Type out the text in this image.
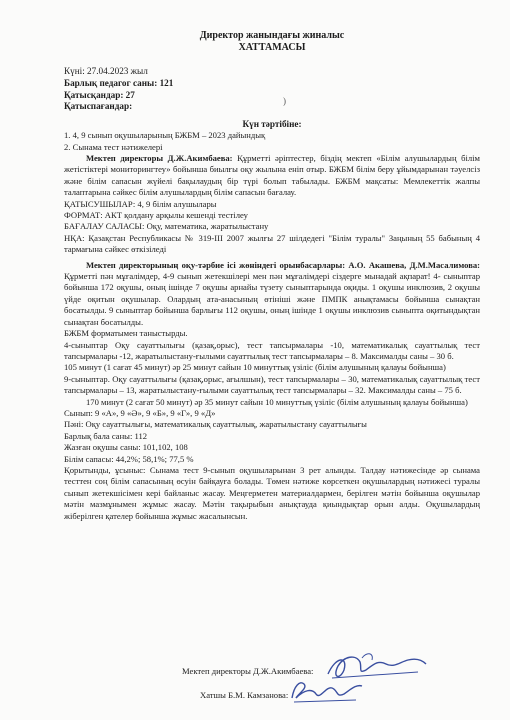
Директор жанындағы жиналыс
ХАТТАМАСЫ
Күні: 27.04.2023 жыл
Барлық педагог саны: 121
Қатысқандар: 27
Қатыспағандар:
)
Күн тәртібіне:
1. 4, 9 сынып оқушыларының БЖБМ – 2023 дайындық
2. Сынама тест нәтижелері

Мектеп директоры Д.Ж.Акимбаева: Құрметті әріптестер, біздің мектеп «Білім алушылардың білім жетістіктері мониторингтеу» бойынша биылғы оқу жылына еніп отыр. БЖБМ білім беру ұйымдарынан тәуелсіз және білім сапасын жүйелі бақылаудың бір түрі болып табылады. БЖБМ мақсаты: Мемлекеттік жалпы талаптарына сәйкес білім алушылардың білім сапасын бағалау.

ҚАТЫСУШЫЛАР: 4, 9 білім алушылары
ФОРМАТ: АКТ қолдану арқылы кешенді тестілеу
БАҒАЛАУ САЛАСЫ: Оқу, математика, жаратылыстану

НҚА: Қазақстан Республикасы № 319-III 2007 жылғы 27 шілдедегі "Білім туралы" Заңының 55 бабының 4 тармағына сәйкес өткізіледі

Мектеп директорының оқу-тәрбие ісі жөніндегі орынбасарлары: А.О. Акашева, Д.М.Масалимова: Құрметті пән мұғалімдер, 4-9 сынып жетекшілері мен пән мұғалімдері сіздерге мынадай ақпарат! 4- сыныптар бойынша 172 оқушы, оның ішінде 7 оқушы арнайы түзету сыныптарында оқиды. 1 оқушы инклюзив, 2 оқушы үйде оқитын оқушылар. Олардың ата-анасының өтініші және ПМПК анықтамасы бойынша сынақтан босатылды. 9 сыныптар бойынша барлығы 112 оқушы, оның ішінде 1 оқушы инклюзив сыныпта оқитындықтан сынақтан босатылды.

БЖБМ форматымен таныстырды.

4-сыныптар Оқу сауаттылығы (қазақ,орыс), тест тапсырмалары -10, математикалық сауаттылық тест тапсырмалары -12, жаратылыстану-ғылыми сауаттылық тест тапсырмалары – 8. Максималды саны – 30 б.

105 минут (1 сағат 45 минут) әр 25 минут сайын 10 минуттық үзіліс (білім алушының қалауы бойынша)

9-сыныптар. Оқу сауаттылығы (қазақ,орыс, ағылшын), тест тапсырмалары – 30, математикалық сауаттылық тест тапсырмалары – 13, жаратылыстану-ғылыми сауаттылық тест тапсырмалары – 32. Максималды саны – 75 б.

170 минут (2 сағат 50 минут) әр 35 минут сайын 10 минуттық үзіліс (білім алушының қалауы бойынша)

Сынып: 9 «А», 9 «Ә», 9 «Б», 9 «Г», 9 «Д»
Пәні: Оқу сауаттылығы, математикалық сауаттылық, жаратылыстану сауаттылығы
Барлық бала саны: 112
Жазған оқушы саны: 101,102, 108
Білім сапасы: 44,2%; 58,1%; 77,5 %

Қорытынды, ұсыныс: Сынама тест 9-сынып оқушыларынан 3 рет алынды. Талдау нәтижесінде әр сынама тесттен соң білім сапасының өсуін байқауға болады. Төмен нәтиже көрсеткен оқушылардың нәтижесі туралы сынып жетекшісімен кері байланыс жасау. Меңгерметен материалдармен, берілген мәтін бойынша оқушылар мәтін мазмұнымен жұмыс жасау. Мәтін тақырыбын анықтауда қиындықтар орын алды. Оқушылардың жіберілген қателер бойынша жұмыс жасалынсын.

Мектеп директоры Д.Ж.Акимбаева:
Хатшы Б.М. Камзанова:
